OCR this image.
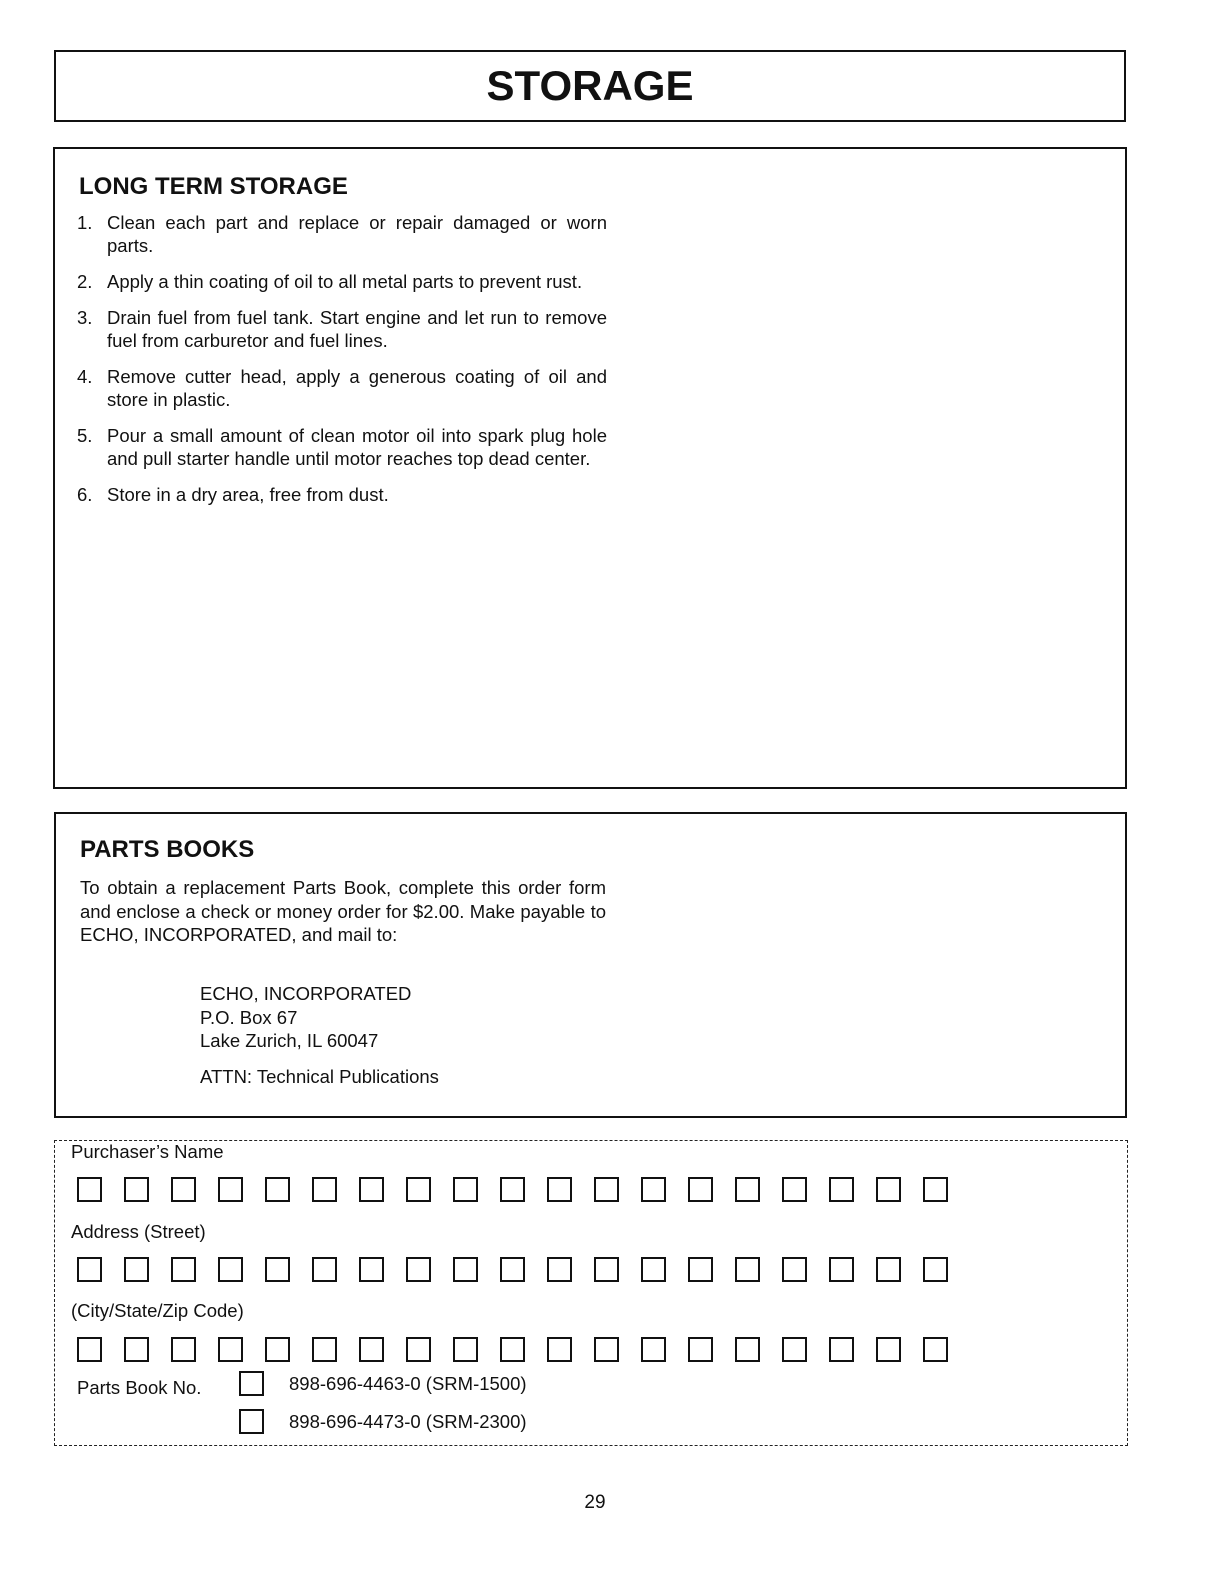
STORAGE
LONG TERM STORAGE
1. Clean each part and replace or repair damaged or worn parts.
2. Apply a thin coating of oil to all metal parts to prevent rust.
3. Drain fuel from fuel tank. Start engine and let run to remove fuel from carburetor and fuel lines.
4. Remove cutter head, apply a generous coating of oil and store in plastic.
5. Pour a small amount of clean motor oil into spark plug hole and pull starter handle until motor reaches top dead center.
6. Store in a dry area, free from dust.
PARTS BOOKS

To obtain a replacement Parts Book, complete this order form and enclose a check or money order for $2.00. Make payable to ECHO, INCORPORATED, and mail to:

ECHO, INCORPORATED
P.O. Box 67
Lake Zurich, IL 60047
ATTN: Technical Publications
Purchaser’s Name
Address (Street)
(City/State/Zip Code)
Parts Book No.	898-696-4463-0 (SRM-1500)
898-696-4473-0 (SRM-2300)
29
